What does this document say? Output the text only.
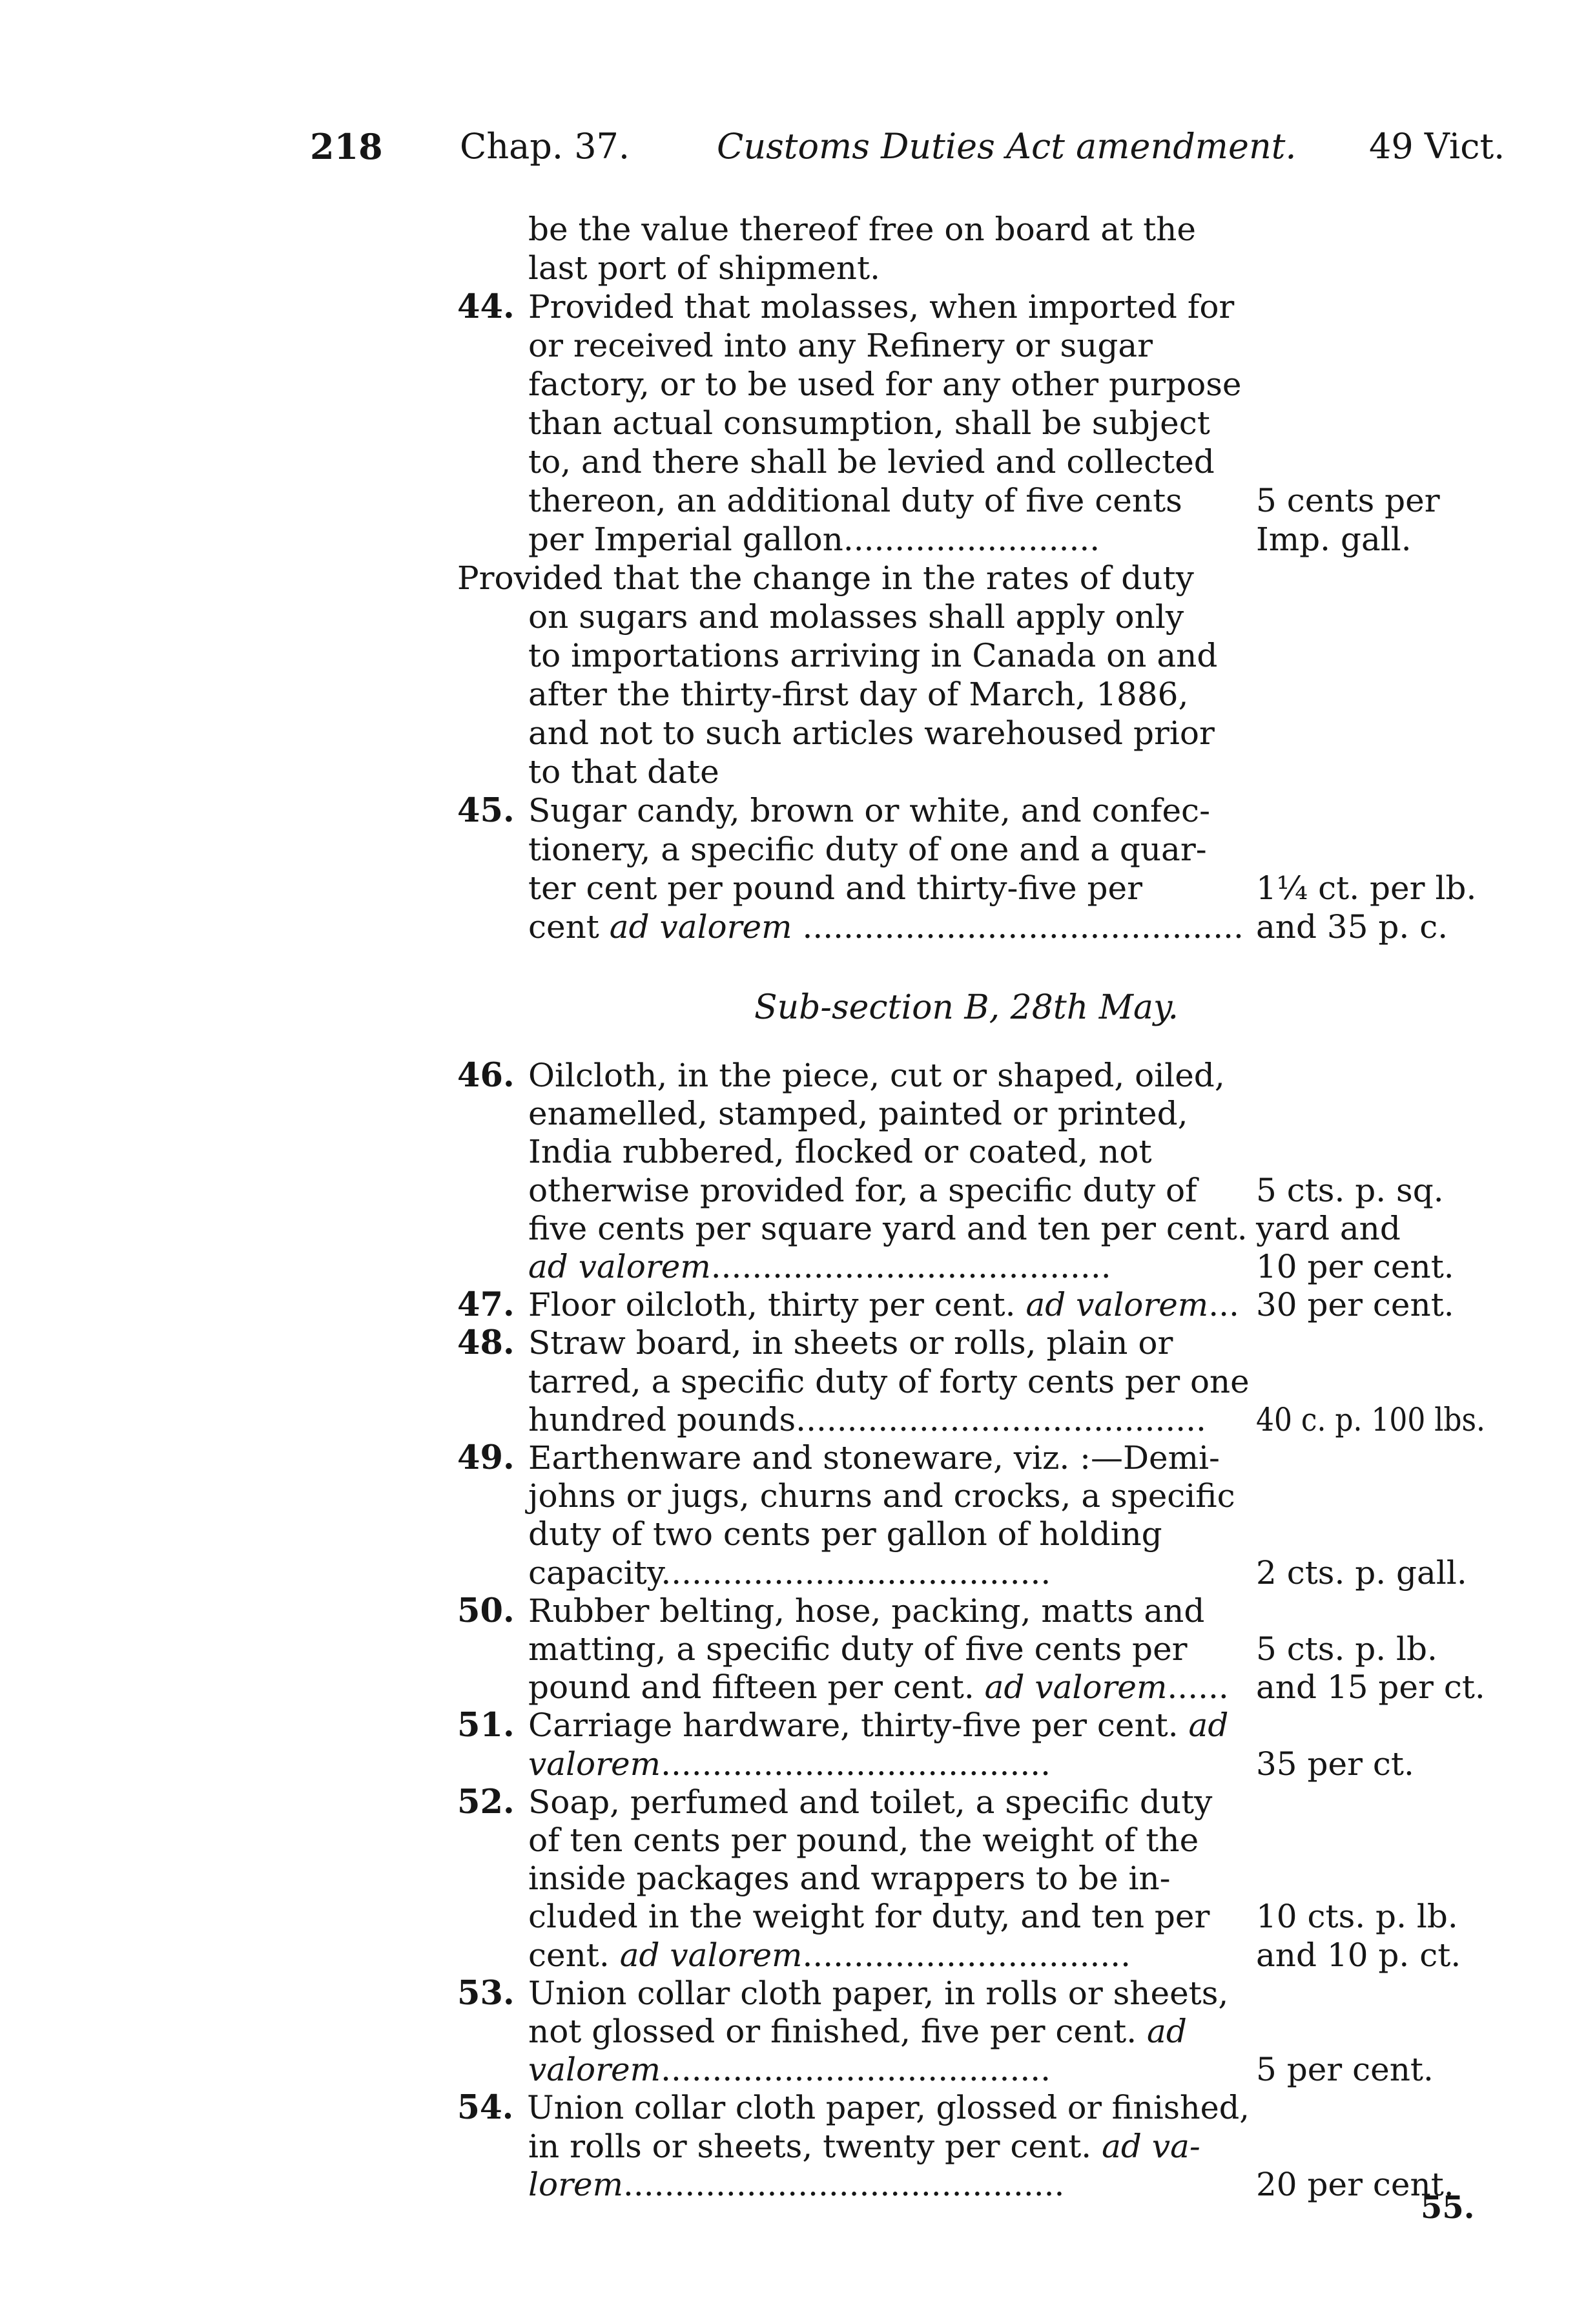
218 Chap. 37. Customs Duties Act amendment. 49 Vict.
be the value thereof free on board at the
last port of shipment.
44. Provided that molasses, when imported for
or received into any Refinery or sugar
factory, or to be used for any other purpose
than actual consumption, shall be subject
to, and there shall be levied and collected
thereon, an additional duty of five cents
per Imperial gallon.........................
Provided that the change in the rates of duty
on sugars and molasses shall apply only
to importations arriving in Canada on and
after the thirty-first day of March, 1886,
and not to such articles warehoused prior
to that date
45. Sugar candy, brown or white, and confec-
tionery, a specific duty of one and a quar-
ter cent per pound and thirty-five per
cent ad valorem ...........................................
46. Oilcloth, in the piece, cut or shaped, oiled,
enamelled, stamped, painted or printed,
India rubbered, flocked or coated, not
otherwise provided for, a specific duty of
five cents per square yard and ten per cent.
ad valorem.......................................
47. Floor oilcloth, thirty per cent. ad valorem...
48. Straw board, in sheets or rolls, plain or
tarred, a specific duty of forty cents per one
hundred pounds........................................
49. Earthenware and stoneware, viz. :—Demi-
johns or jugs, churns and crocks, a specific
duty of two cents per gallon of holding
capacity......................................
50. Rubber belting, hose, packing, matts and
matting, a specific duty of five cents per
pound and fifteen per cent. ad valorem......
51. Carriage hardware, thirty-five per cent. ad
valorem......................................
52. Soap, perfumed and toilet, a specific duty
of ten cents per pound, the weight of the
inside packages and wrappers to be in-
cluded in the weight for duty, and ten per
cent. ad valorem................................
53. Union collar cloth paper, in rolls or sheets,
not glossed or finished, five per cent. ad
valorem......................................
54. Union collar cloth paper, glossed or finished,
in rolls or sheets, twenty per cent. ad va-
lorem...........................................
5 cents per
Imp. gall.
1¼ ct. per lb.
and 35 p. c.
5 cts. p. sq.
yard and
10 per cent.
30 per cent.
40 c. p. 100 lbs.
2 cts. p. gall.
5 cts. p. lb.
and 15 per ct.
35 per ct.
10 cts. p. lb.
and 10 p. ct.
5 per cent.
20 per cent.
Sub-section B, 28th May.
55.
